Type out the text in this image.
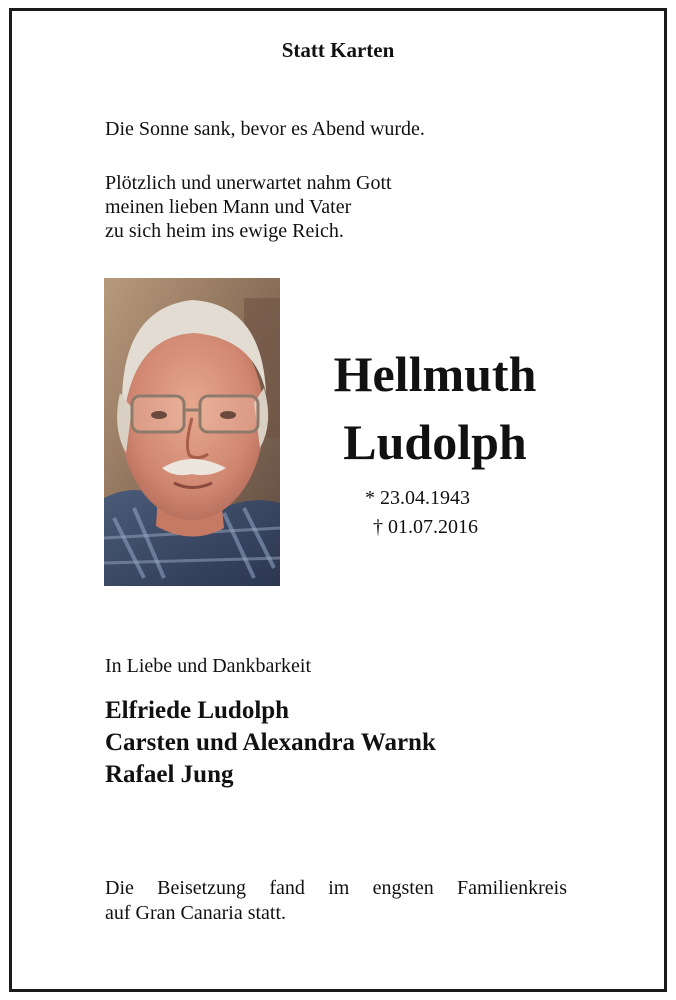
Statt Karten
Die Sonne sank, bevor es Abend wurde.
Plötzlich und unerwartet nahm Gott
meinen lieben Mann und Vater
zu sich heim ins ewige Reich.
Hellmuth
Ludolph
* 23.04.1943
† 01.07.2016
In Liebe und Dankbarkeit
Elfriede Ludolph
Carsten und Alexandra Warnk
Rafael Jung
Die Beisetzung fand im engsten Familienkreis
auf Gran Canaria statt.
